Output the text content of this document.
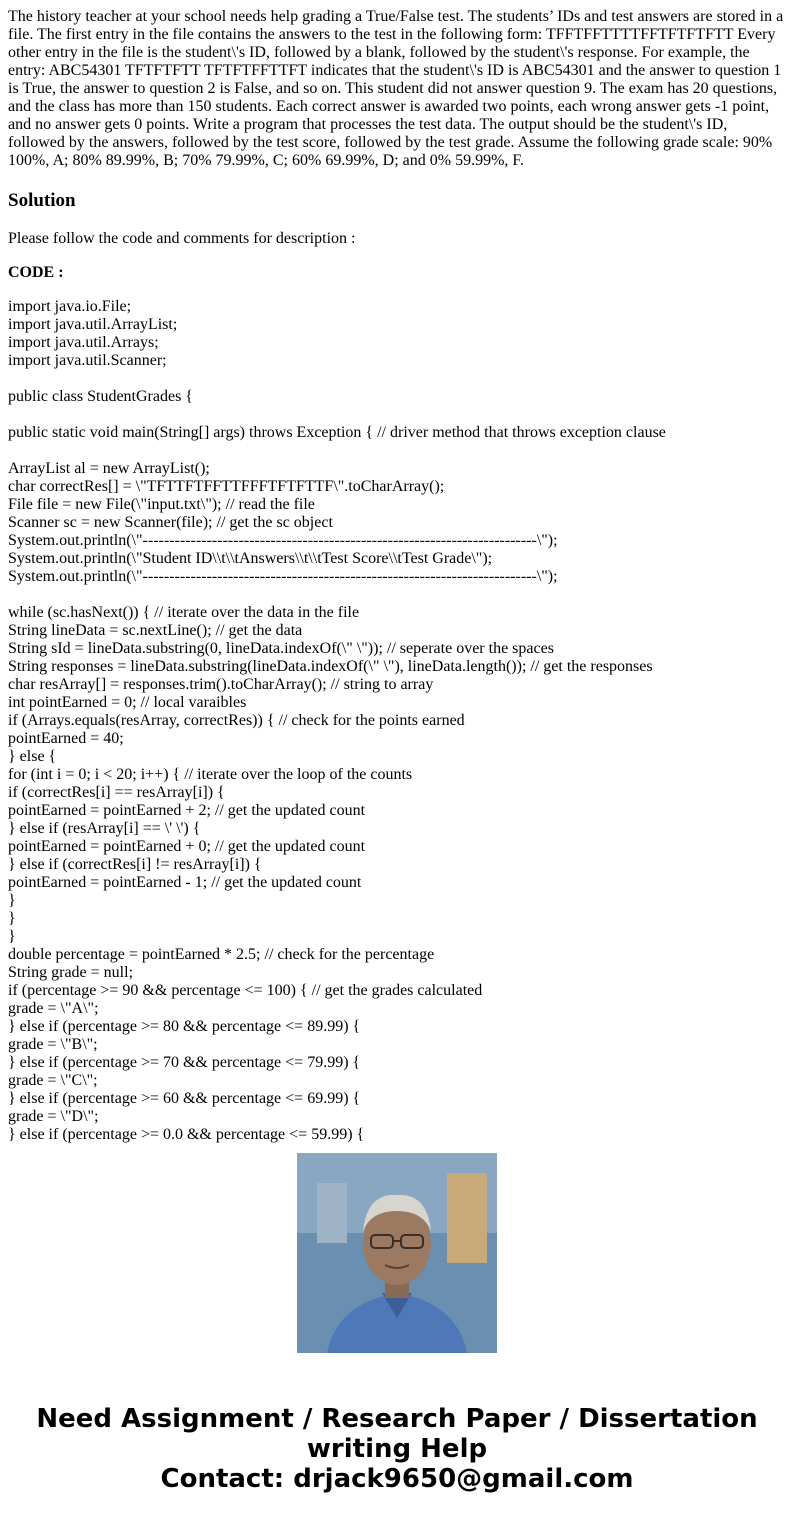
The history teacher at your school needs help grading a True/False test. The students’ IDs and test answers are stored in a file. The first entry in the file contains the answers to the test in the following form: TFFTFFTTTTFFTFTFTFTT Every other entry in the file is the student\'s ID, followed by a blank, followed by the student\'s response. For example, the entry: ABC54301 TFTFTFTT TFTFTFFTTFT indicates that the student\'s ID is ABC54301 and the answer to question 1 is True, the answer to question 2 is False, and so on. This student did not answer question 9. The exam has 20 questions, and the class has more than 150 students. Each correct answer is awarded two points, each wrong answer gets -1 point, and no answer gets 0 points. Write a program that processes the test data. The output should be the student\'s ID, followed by the answers, followed by the test score, followed by the test grade. Assume the following grade scale: 90% 100%, A; 80% 89.99%, B; 70% 79.99%, C; 60% 69.99%, D; and 0% 59.99%, F.

Solution

Please follow the code and comments for description :

CODE :

import java.io.File;
import java.util.ArrayList;
import java.util.Arrays;
import java.util.Scanner;
public class StudentGrades {
public static void main(String[] args) throws Exception { // driver method that throws exception clause
ArrayList al = new ArrayList();
char correctRes[] = \"TFTTFTFFTTFFFTFTFTTF\".toCharArray();
File file = new File(\"input.txt\"); // read the file
Scanner sc = new Scanner(file); // get the sc object
System.out.println(\"--------------------------------------------------------------------------\");
System.out.println(\"Student ID\\t\\tAnswers\\t\\tTest Score\\tTest Grade\");
System.out.println(\"--------------------------------------------------------------------------\");
while (sc.hasNext()) { // iterate over the data in the file
String lineData = sc.nextLine(); // get the data
String sId = lineData.substring(0, lineData.indexOf(\" \")); // seperate over the spaces
String responses = lineData.substring(lineData.indexOf(\" \"), lineData.length()); // get the responses
char resArray[] = responses.trim().toCharArray(); // string to array
int pointEarned = 0; // local varaibles
if (Arrays.equals(resArray, correctRes)) { // check for the points earned
pointEarned = 40;
} else {
for (int i = 0; i < 20; i++) { // iterate over the loop of the counts
if (correctRes[i] == resArray[i]) {
pointEarned = pointEarned + 2; // get the updated count
} else if (resArray[i] == \' \') {
pointEarned = pointEarned + 0; // get the updated count
} else if (correctRes[i] != resArray[i]) {
pointEarned = pointEarned - 1; // get the updated count
}
}
}
double percentage = pointEarned * 2.5; // check for the percentage
String grade = null;
if (percentage >= 90 && percentage <= 100) { // get the grades calculated
grade = \"A\";
} else if (percentage >= 80 && percentage <= 89.99) {
grade = \"B\";
} else if (percentage >= 70 && percentage <= 79.99) {
grade = \"C\";
} else if (percentage >= 60 && percentage <= 69.99) {
grade = \"D\";
} else if (percentage >= 0.0 && percentage <= 59.99) {
Need Assignment / Research Paper / Dissertation
writing Help
Contact: drjack9650@gmail.com
